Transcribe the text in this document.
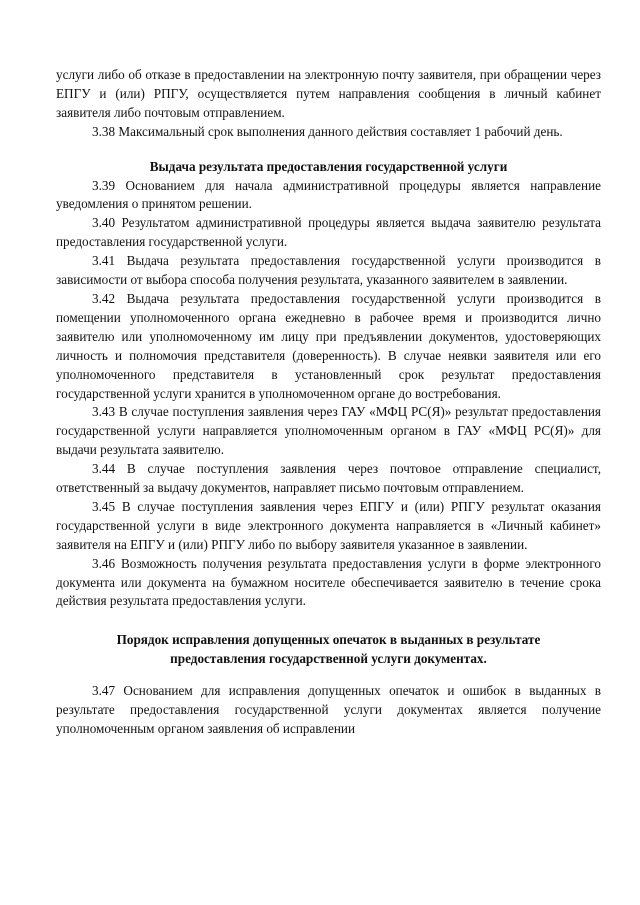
услуги либо об отказе в предоставлении на электронную почту заявителя, при обращении через ЕПГУ и (или) РПГУ, осуществляется путем направления сообщения в личный кабинет заявителя либо почтовым отправлением.

3.38 Максимальный срок выполнения данного действия составляет 1 рабочий день.

Выдача результата предоставления государственной услуги

3.39 Основанием для начала административной процедуры является направление уведомления о принятом решении.

3.40 Результатом административной процедуры является выдача заявителю результата предоставления государственной услуги.

3.41 Выдача результата предоставления государственной услуги производится в зависимости от выбора способа получения результата, указанного заявителем в заявлении.

3.42 Выдача результата предоставления государственной услуги производится в помещении уполномоченного органа ежедневно в рабочее время и производится лично заявителю или уполномоченному им лицу при предъявлении документов, удостоверяющих личность и полномочия представителя (доверенность). В случае неявки заявителя или его уполномоченного представителя в установленный срок результат предоставления государственной услуги хранится в уполномоченном органе до востребования.

3.43 В случае поступления заявления через ГАУ «МФЦ РС(Я)» результат предоставления государственной услуги направляется уполномоченным органом в ГАУ «МФЦ РС(Я)» для выдачи результата заявителю.

3.44 В случае поступления заявления через почтовое отправление специалист, ответственный за выдачу документов, направляет письмо почтовым отправлением.

3.45 В случае поступления заявления через ЕПГУ и (или) РПГУ результат оказания государственной услуги в виде электронного документа направляется в «Личный кабинет» заявителя на ЕПГУ и (или) РПГУ либо по выбору заявителя указанное в заявлении.

3.46 Возможность получения результата предоставления услуги в форме электронного документа или документа на бумажном носителе обеспечивается заявителю в течение срока действия результата предоставления услуги.

Порядок исправления допущенных опечаток в выданных в результате
предоставления государственной услуги документах.

3.47 Основанием для исправления допущенных опечаток и ошибок в выданных в результате предоставления государственной услуги документах является получение уполномоченным органом заявления об исправлении
